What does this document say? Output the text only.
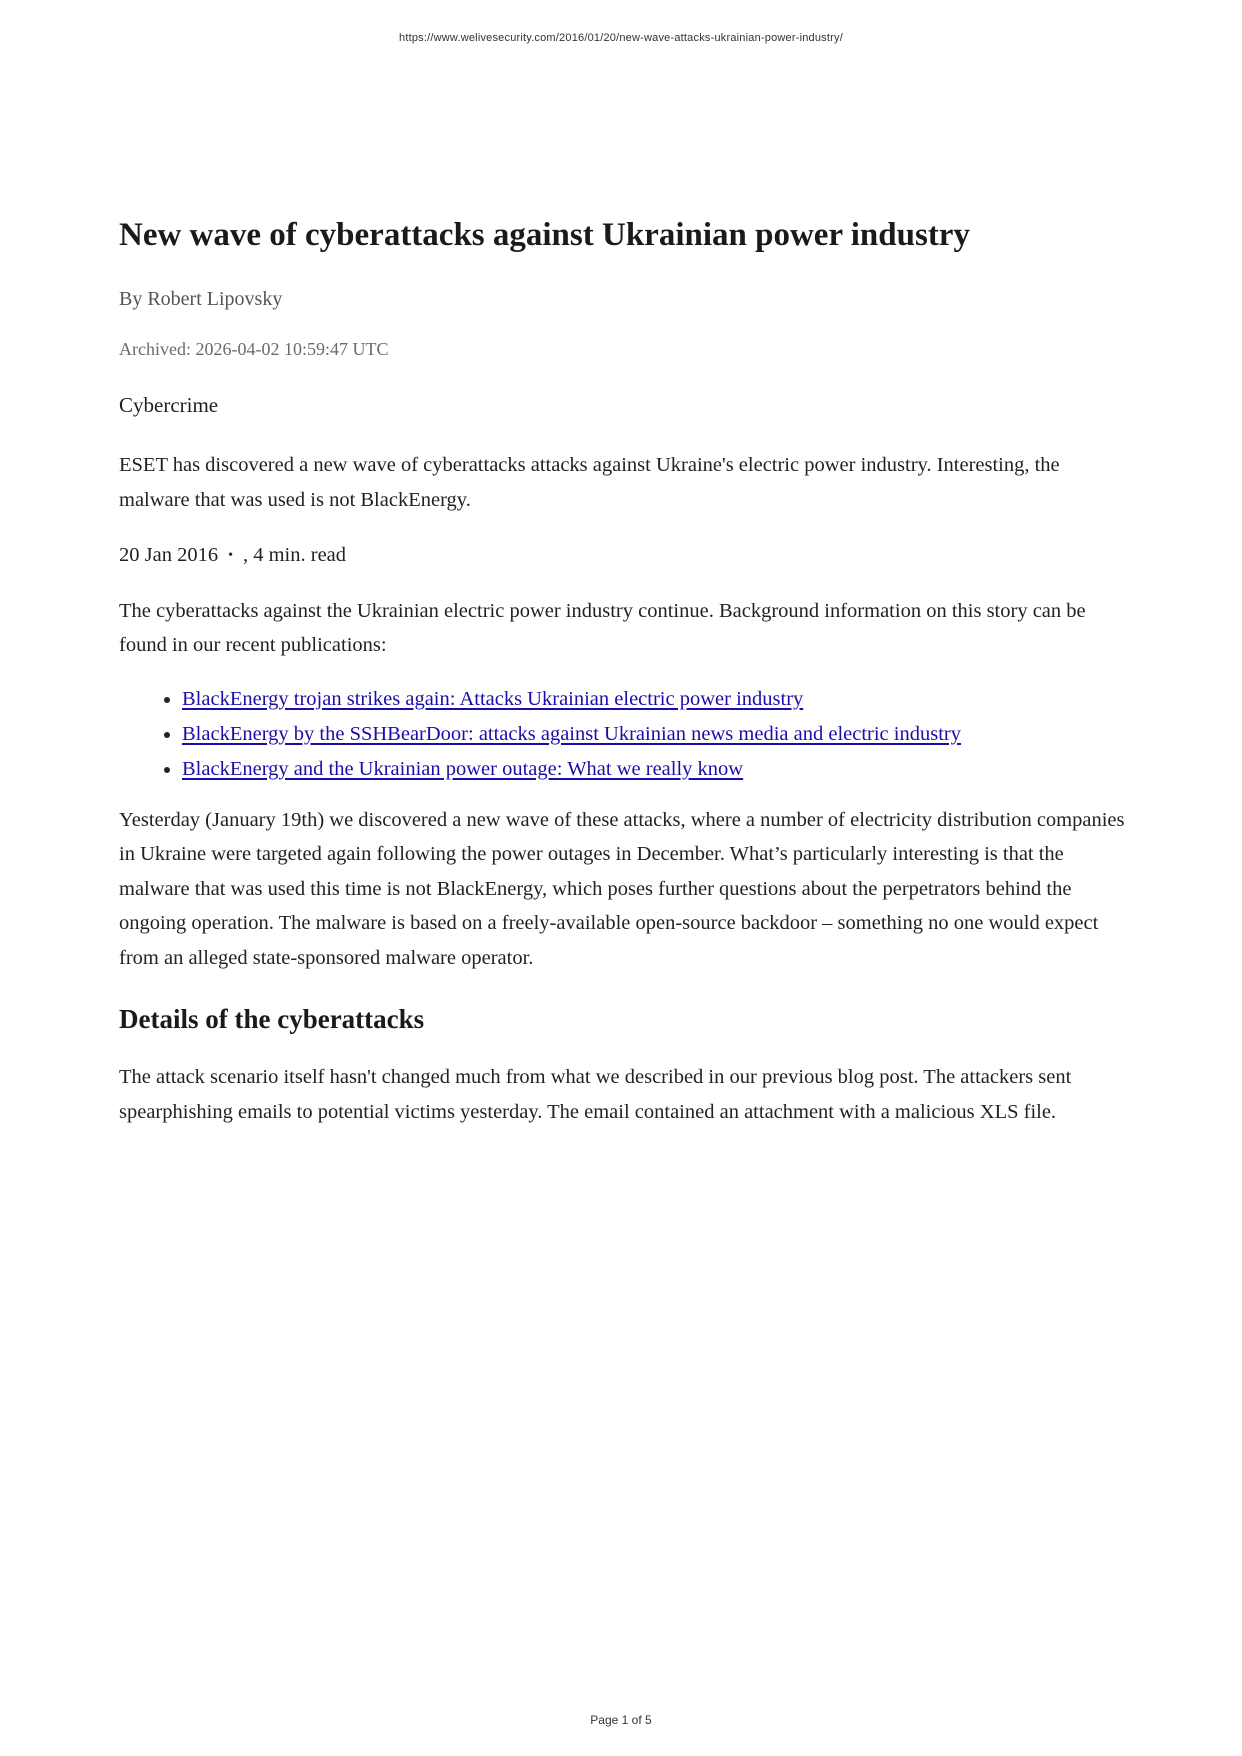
https://www.welivesecurity.com/2016/01/20/new-wave-attacks-ukrainian-power-industry/
New wave of cyberattacks against Ukrainian power industry

By Robert Lipovsky

Archived: 2026-04-02 10:59:47 UTC

Cybercrime

ESET has discovered a new wave of cyberattacks attacks against Ukraine's electric power industry. Interesting, the malware that was used is not BlackEnergy.

20 Jan 2016 • , 4 min. read

The cyberattacks against the Ukrainian electric power industry continue. Background information on this story can be found in our recent publications:

• BlackEnergy trojan strikes again: Attacks Ukrainian electric power industry
• BlackEnergy by the SSHBearDoor: attacks against Ukrainian news media and electric industry
• BlackEnergy and the Ukrainian power outage: What we really know

Yesterday (January 19th) we discovered a new wave of these attacks, where a number of electricity distribution companies in Ukraine were targeted again following the power outages in December. What’s particularly interesting is that the malware that was used this time is not BlackEnergy, which poses further questions about the perpetrators behind the ongoing operation. The malware is based on a freely-available open-source backdoor – something no one would expect from an alleged state-sponsored malware operator.

Details of the cyberattacks

The attack scenario itself hasn't changed much from what we described in our previous blog post. The attackers sent spearphishing emails to potential victims yesterday. The email contained an attachment with a malicious XLS file.

Page 1 of 5
